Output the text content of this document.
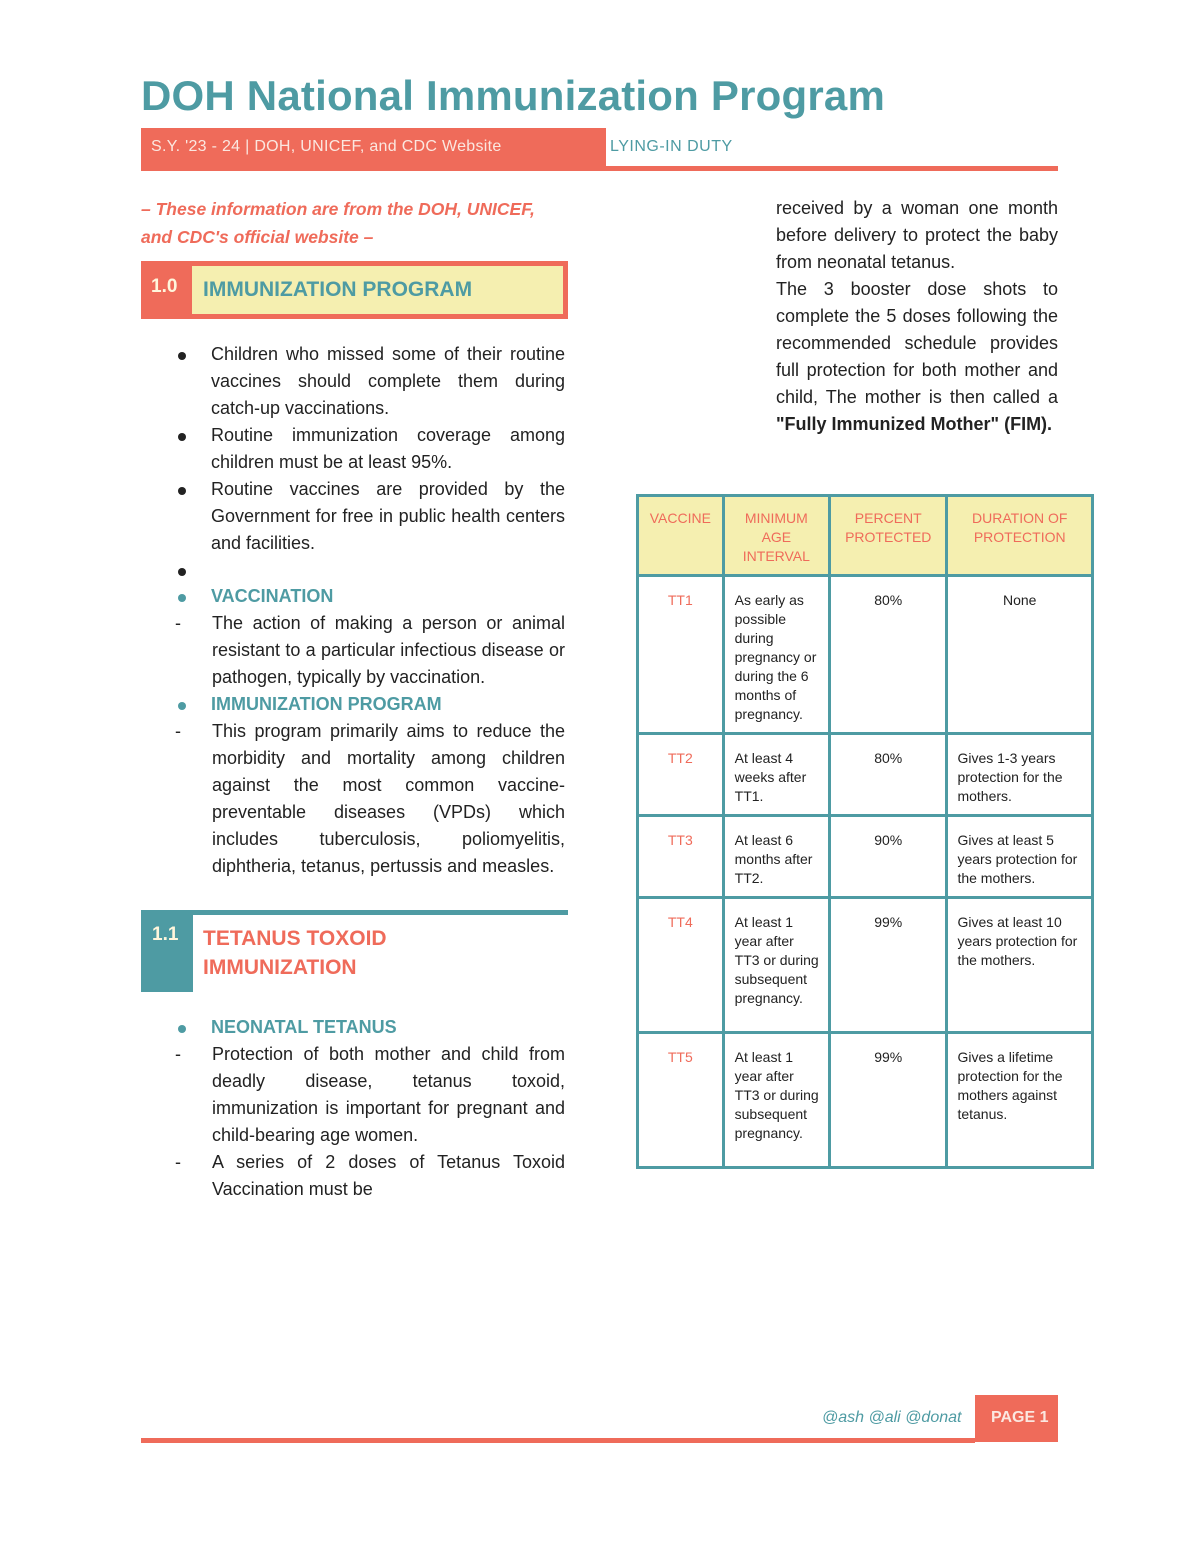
DOH National Immunization Program
S.Y. '23 - 24 | DOH, UNICEF, and CDC Website	LYING-IN DUTY
– These information are from the DOH, UNICEF, and CDC's official website –
1.0 IMMUNIZATION PROGRAM
Children who missed some of their routine vaccines should complete them during catch-up vaccinations.
Routine immunization coverage among children must be at least 95%.
Routine vaccines are provided by the Government for free in public health centers and facilities.
VACCINATION
- The action of making a person or animal resistant to a particular infectious disease or pathogen, typically by vaccination.
IMMUNIZATION PROGRAM
- This program primarily aims to reduce the morbidity and mortality among children against the most common vaccine-preventable diseases (VPDs) which includes tuberculosis, poliomyelitis, diphtheria, tetanus, pertussis and measles.
1.1 TETANUS TOXOID IMMUNIZATION
NEONATAL TETANUS
- Protection of both mother and child from deadly disease, tetanus toxoid, immunization is important for pregnant and child-bearing age women.
- A series of 2 doses of Tetanus Toxoid Vaccination must be
received by a woman one month before delivery to protect the baby from neonatal tetanus.
The 3 booster dose shots to complete the 5 doses following the recommended schedule provides full protection for both mother and child, The mother is then called a "Fully Immunized Mother" (FIM).
VACCINE	MINIMUM AGE INTERVAL	PERCENT PROTECTED	DURATION OF PROTECTION
TT1	As early as possible during pregnancy or during the 6 months of pregnancy.	80%	None
TT2	At least 4 weeks after TT1.	80%	Gives 1-3 years protection for the mothers.
TT3	At least 6 months after TT2.	90%	Gives at least 5 years protection for the mothers.
TT4	At least 1 year after TT3 or during subsequent pregnancy.	99%	Gives at least 10 years protection for the mothers.
TT5	At least 1 year after TT3 or during subsequent pregnancy.	99%	Gives a lifetime protection for the mothers against tetanus.
@ash @ali @donat	PAGE 1
